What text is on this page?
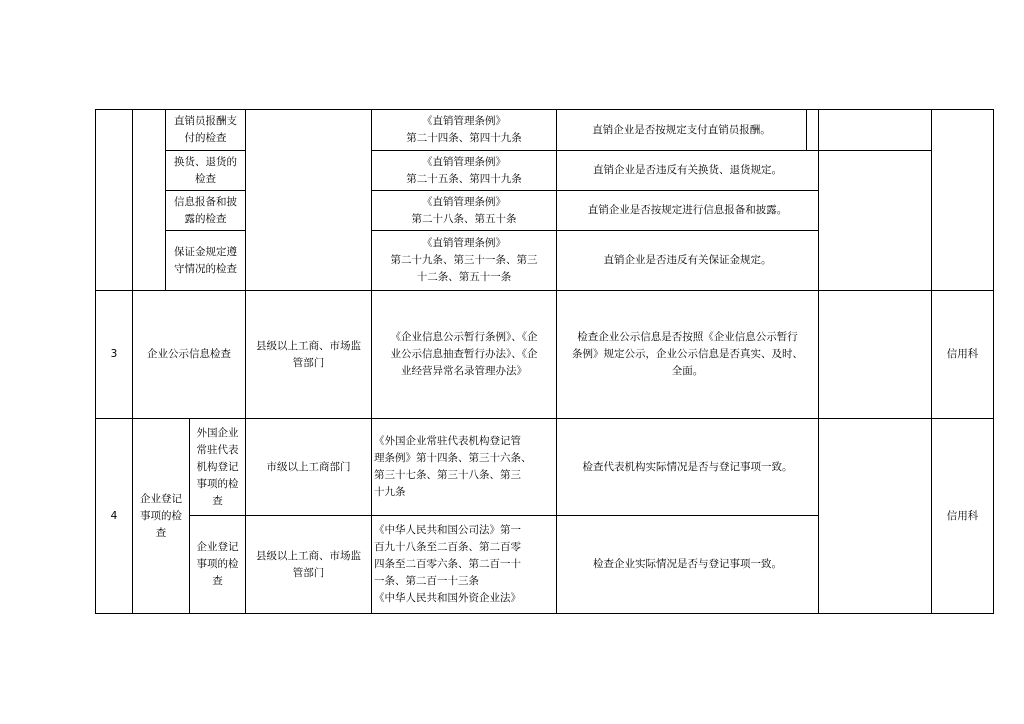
直销员报酬支
付的检查
《直销管理条例》
第二十四条、第四十九条
直销企业是否按规定支付直销员报酬。
换货、退货的
检查
《直销管理条例》
第二十五条、第四十九条
直销企业是否违反有关换货、退货规定。
信息报备和披
露的检查
《直销管理条例》
第二十八条、第五十条
直销企业是否按规定进行信息报备和披露。
保证金规定遵
守情况的检查
《直销管理条例》
第二十九条、第三十一条、第三
十二条、第五十一条
直销企业是否违反有关保证金规定。
3	企业公示信息检查
县级以上工商、市场监
管部门
《企业信息公示暂行条例》、《企
业公示信息抽查暂行办法》、《企
业经营异常名录管理办法》
检查企业公示信息是否按照《企业信息公示暂行
条例》规定公示，企业公示信息是否真实、及时、
全面。
信用科
4
企业登记
事项的检
查
信用科
外国企业
常驻代表
机构登记
事项的检
查
市级以上工商部门
《外国企业常驻代表机构登记管
理条例》第十四条、第三十六条、
第三十七条、第三十八条、第三
十九条
检查代表机构实际情况是否与登记事项一致。
企业登记
事项的检
查
县级以上工商、市场监
管部门
《中华人民共和国公司法》第一
百九十八条至二百条、第二百零
四条至二百零六条、第二百一十
一条、第二百一十三条
《中华人民共和国外资企业法》
检查企业实际情况是否与登记事项一致。
